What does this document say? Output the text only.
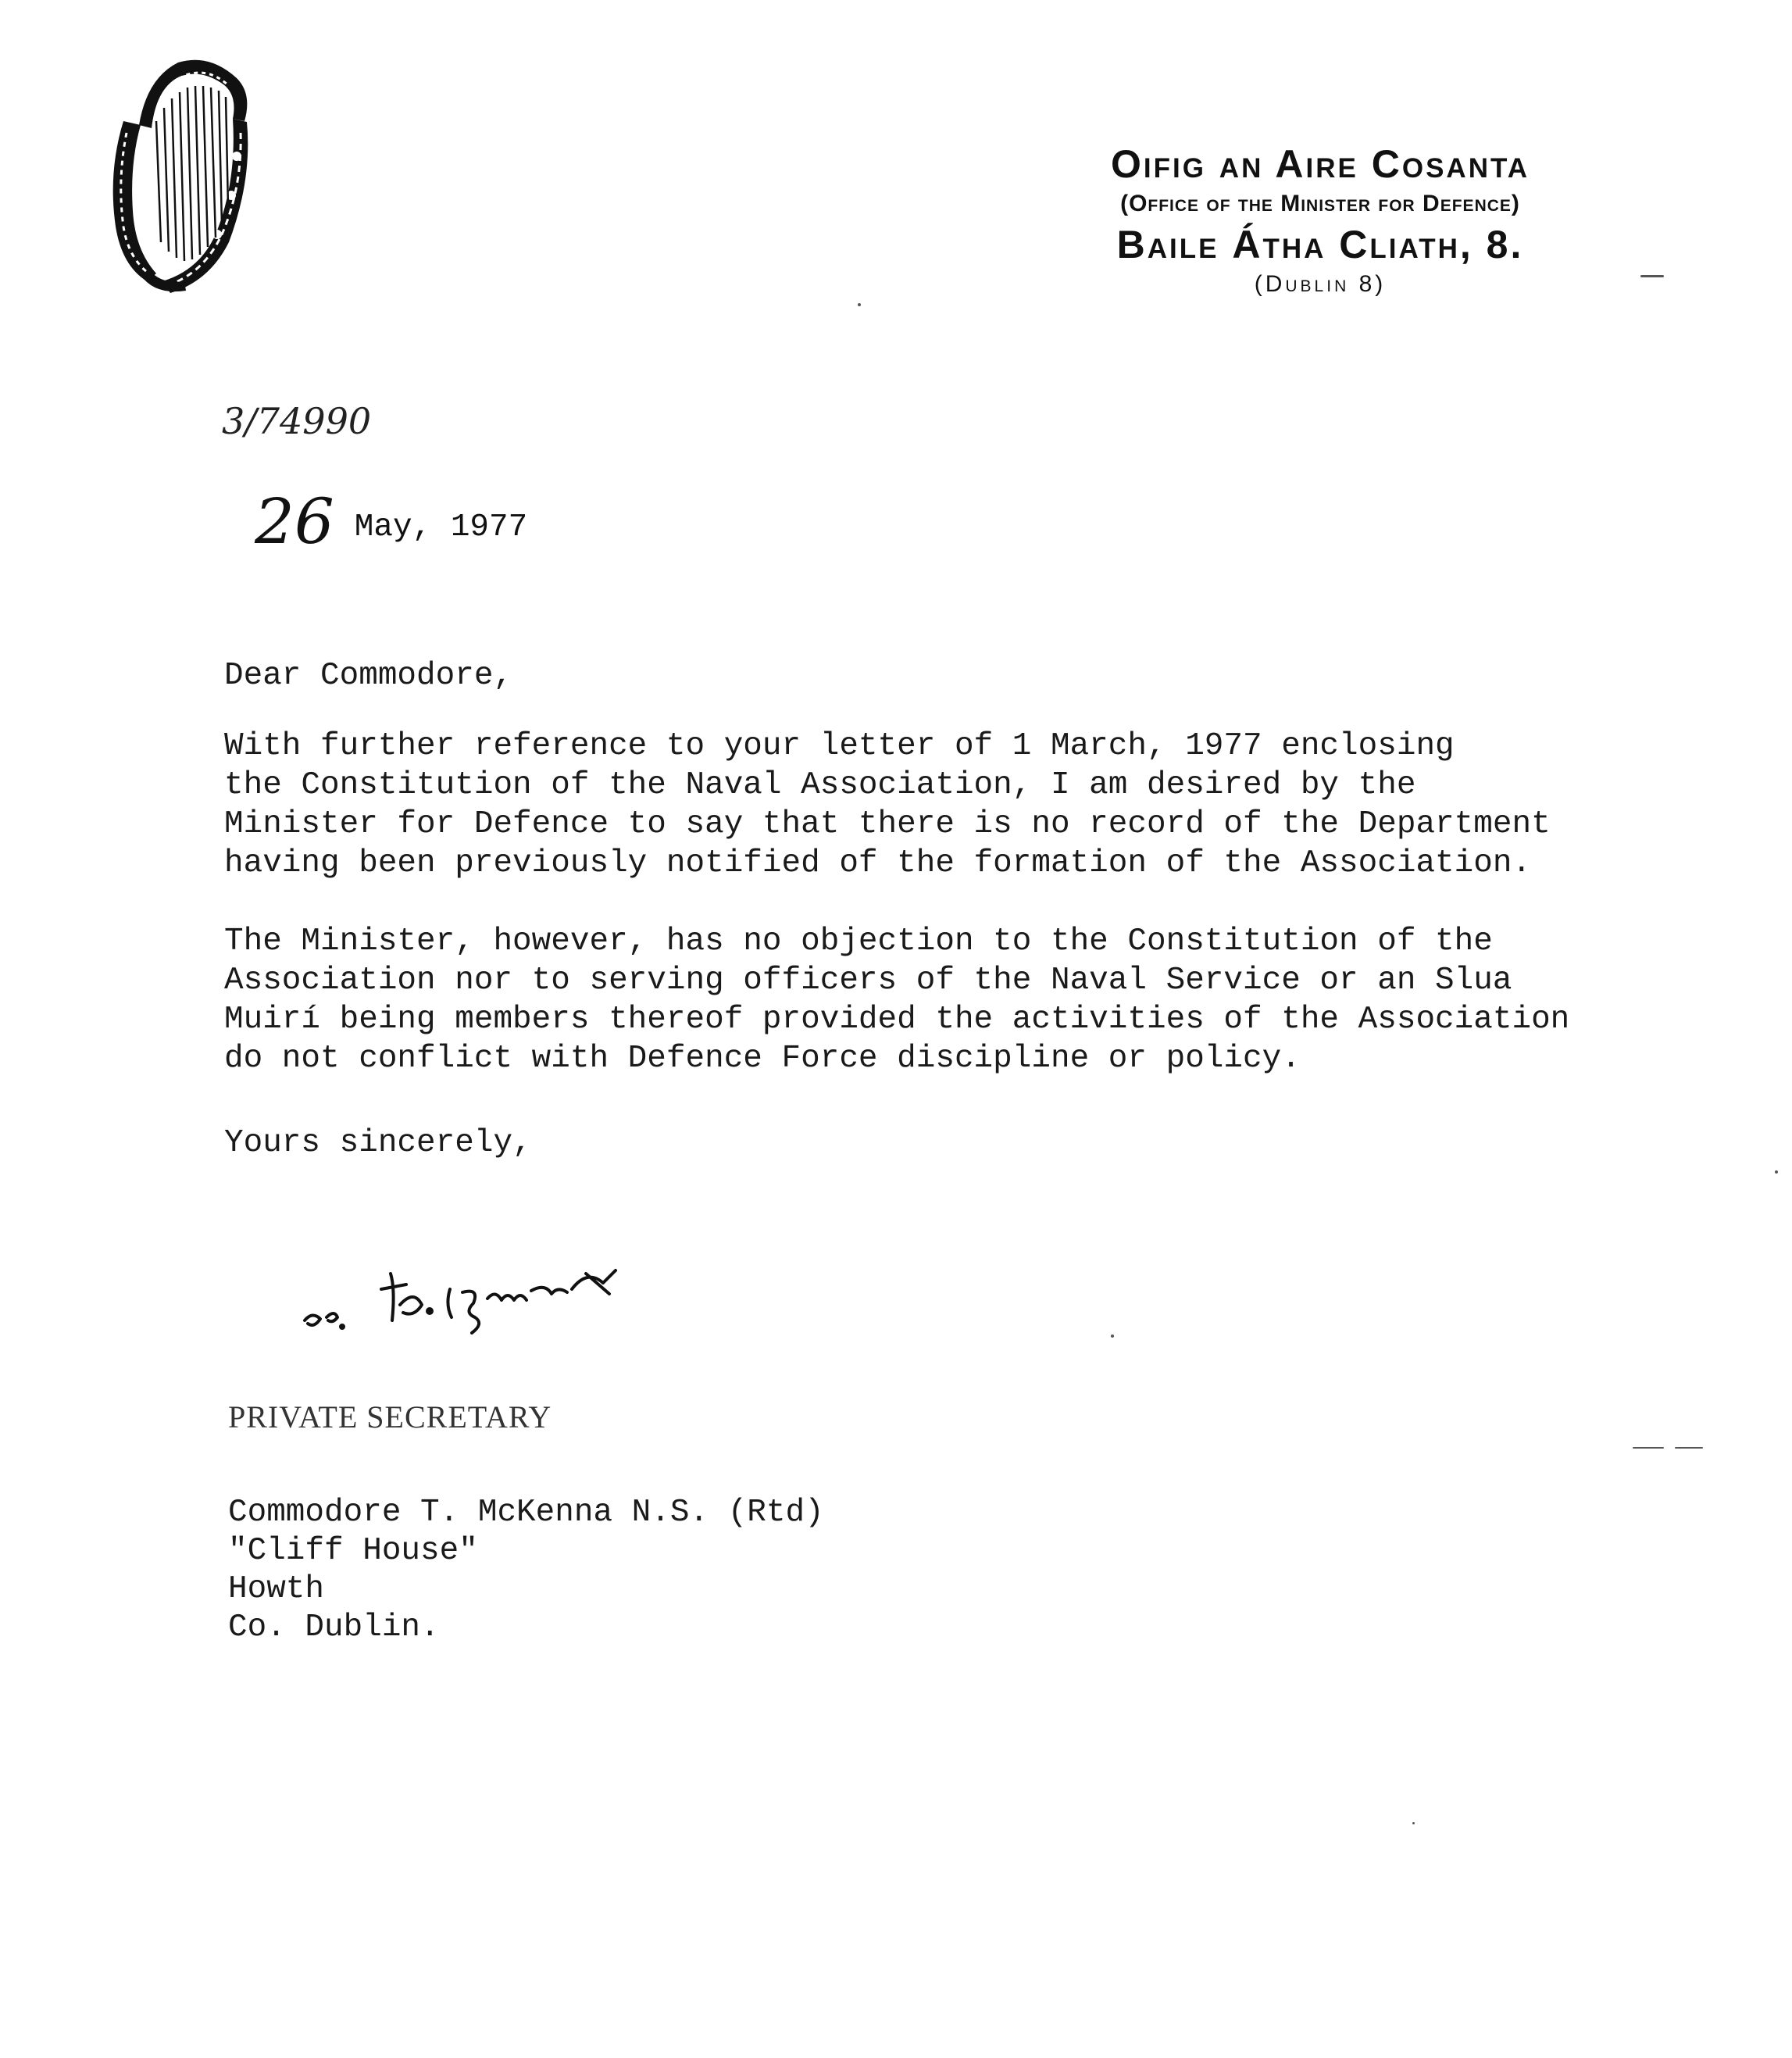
Oifig an Aire Cosanta
(Office of the Minister for Defence)
Baile Átha Cliath, 8.
(Dublin 8)
3/74990
26 May, 1977
Dear Commodore,
With further reference to your letter of 1 March, 1977 enclosing
the Constitution of the Naval Association, I am desired by the
Minister for Defence to say that there is no record of the Department
having been previously notified of the formation of the Association.
The Minister, however, has no objection to the Constitution of the
Association nor to serving officers of the Naval Service or an Slua
Muirí being members thereof provided the activities of the Association
do not conflict with Defence Force discipline or policy.
Yours sincerely,
PRIVATE SECRETARY
Commodore T. McKenna N.S. (Rtd)
"Cliff House"
Howth
Co. Dublin.
